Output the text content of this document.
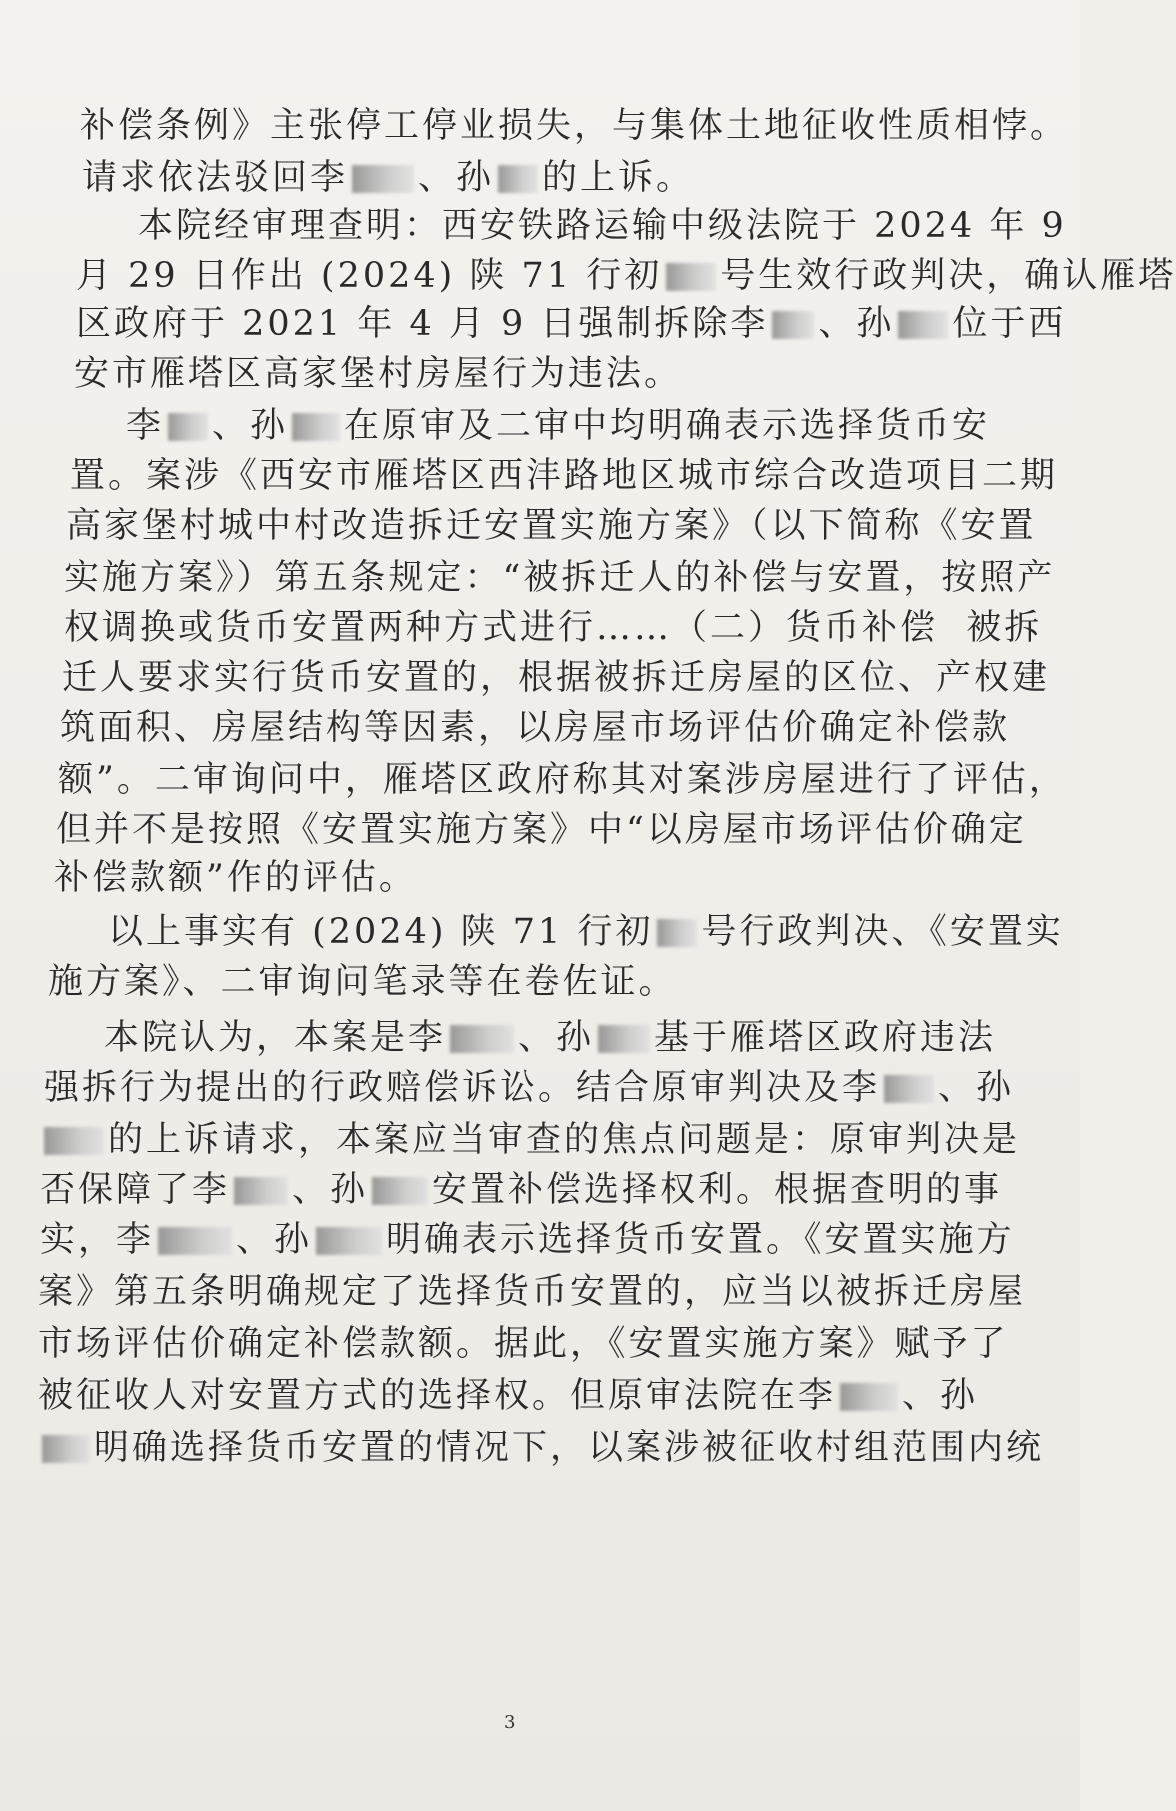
补偿条例》主张停工停业损失，与集体土地征收性质相悖。
请求依法驳回李 、孙 的上诉。
本院经审理查明：西安铁路运输中级法院于 2024 年 9
月 29 日作出 (2024) 陕 71 行初 号生效行政判决，确认雁塔
区政府于 2021 年 4 月 9 日强制拆除李 、孙 位于西
安市雁塔区高家堡村房屋行为违法。
李 、孙 在原审及二审中均明确表示选择货币安
置。案涉《西安市雁塔区西沣路地区城市综合改造项目二期
高家堡村城中村改造拆迁安置实施方案》（以下简称《安置
实施方案》）第五条规定：“被拆迁人的补偿与安置，按照产
权调换或货币安置两种方式进行……（二）货币补偿  被拆
迁人要求实行货币安置的，根据被拆迁房屋的区位、产权建
筑面积、房屋结构等因素，以房屋市场评估价确定补偿款
额”。二审询问中，雁塔区政府称其对案涉房屋进行了评估，
但并不是按照《安置实施方案》中“以房屋市场评估价确定
补偿款额”作的评估。
以上事实有 (2024) 陕 71 行初 号行政判决、《安置实
施方案》、二审询问笔录等在卷佐证。
本院认为，本案是李 、孙 基于雁塔区政府违法
强拆行为提出的行政赔偿诉讼。结合原审判决及李 、孙
的上诉请求，本案应当审查的焦点问题是：原审判决是
否保障了李 、孙 安置补偿选择权利。根据查明的事
实，李 、孙 明确表示选择货币安置。《安置实施方
案》第五条明确规定了选择货币安置的，应当以被拆迁房屋
市场评估价确定补偿款额。据此，《安置实施方案》赋予了
被征收人对安置方式的选择权。但原审法院在李 、孙
明确选择货币安置的情况下，以案涉被征收村组范围内统
3
